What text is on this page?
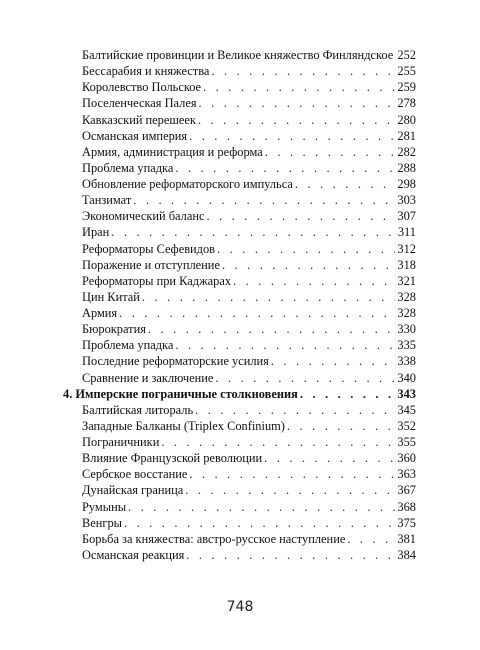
Балтийские провинции и Великое княжество Финляндское . . . 252
Бессарабия и княжества . . .	255
Королевство Польское . . .	259
Поселенческая Палея . . .	278
Кавказский перешеек . . .	280
Османская империя . . .	281
Армия, администрация и реформа . . .	282
Проблема упадка . . .	288
Обновление реформаторского импульса . . .	298
Танзимат . . .	303
Экономический баланс . . .	307
Иран . . .	311
Реформаторы Сефевидов . . .	312
Поражение и отступление . . .	318
Реформаторы при Каджарах . . .	321
Цин Китай . . .	328
Армия . . .	328
Бюрократия . . .	330
Проблема упадка . . .	335
Последние реформаторские усилия . . .	338
Сравнение и заключение . . .	340
4. Имперские пограничные столкновения . . .	343
Балтийская литораль . . .	345
Западные Балканы (Triplex Confinium) . . .	352
Пограничники . . .	355
Влияние Французской революции . . .	360
Сербское восстание . . .	363
Дунайская граница . . .	367
Румыны . . .	368
Венгры . . .	375
Борьба за княжества: австро-русское наступление . . .	381
Османская реакция . . .	384
748
